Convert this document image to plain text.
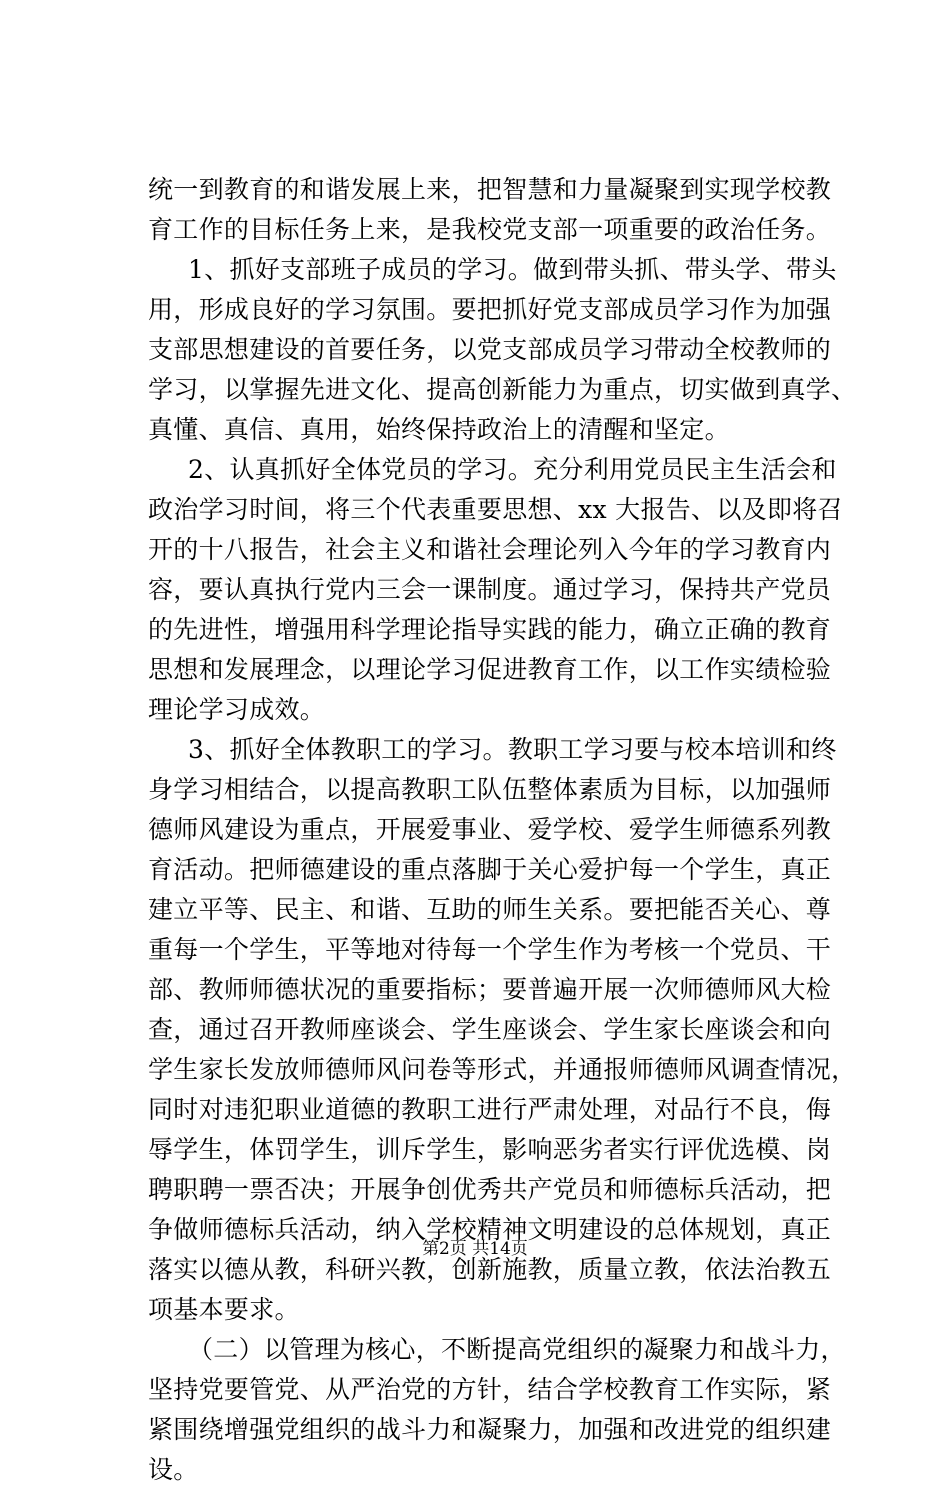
统一到教育的和谐发展上来，把智慧和力量凝聚到实现学校教
育工作的目标任务上来，是我校党支部一项重要的政治任务。
1、抓好支部班子成员的学习。做到带头抓、带头学、带头
用，形成良好的学习氛围。要把抓好党支部成员学习作为加强
支部思想建设的首要任务，以党支部成员学习带动全校教师的
学习，以掌握先进文化、提高创新能力为重点，切实做到真学、
真懂、真信、真用，始终保持政治上的清醒和坚定。
2、认真抓好全体党员的学习。充分利用党员民主生活会和
政治学习时间，将三个代表重要思想、xx 大报告、以及即将召
开的十八报告，社会主义和谐社会理论列入今年的学习教育内
容，要认真执行党内三会一课制度。通过学习，保持共产党员
的先进性，增强用科学理论指导实践的能力，确立正确的教育
思想和发展理念，以理论学习促进教育工作，以工作实绩检验
理论学习成效。
3、抓好全体教职工的学习。教职工学习要与校本培训和终
身学习相结合，以提高教职工队伍整体素质为目标，以加强师
德师风建设为重点，开展爱事业、爱学校、爱学生师德系列教
育活动。把师德建设的重点落脚于关心爱护每一个学生，真正
建立平等、民主、和谐、互助的师生关系。要把能否关心、尊
重每一个学生，平等地对待每一个学生作为考核一个党员、干
部、教师师德状况的重要指标；要普遍开展一次师德师风大检
查，通过召开教师座谈会、学生座谈会、学生家长座谈会和向
学生家长发放师德师风问卷等形式，并通报师德师风调查情况，
同时对违犯职业道德的教职工进行严肃处理，对品行不良，侮
辱学生，体罚学生，训斥学生，影响恶劣者实行评优选模、岗
聘职聘一票否决；开展争创优秀共产党员和师德标兵活动，把
争做师德标兵活动，纳入学校精神文明建设的总体规划，真正
落实以德从教，科研兴教，创新施教，质量立教，依法治教五
项基本要求。
（二）以管理为核心，不断提高党组织的凝聚力和战斗力，
坚持党要管党、从严治党的方针，结合学校教育工作实际，紧
紧围绕增强党组织的战斗力和凝聚力，加强和改进党的组织建
设。
第2页 共14页
